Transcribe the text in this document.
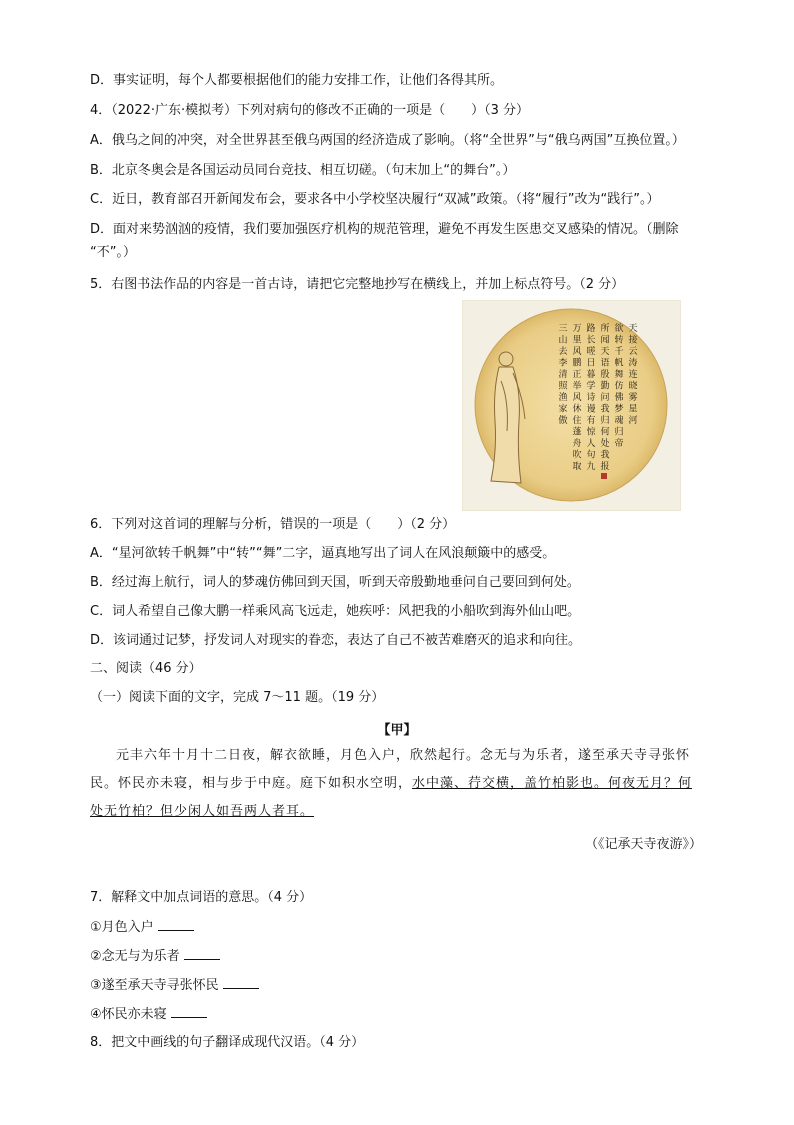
D．事实证明，每个人都要根据他们的能力安排工作，让他们各得其所。
4．（2022·广东·模拟考）下列对病句的修改不正确的一项是（　　）（3 分）
A．俄乌之间的冲突，对全世界甚至俄乌两国的经济造成了影响。（将“全世界”与“俄乌两国”互换位置。）
B．北京冬奥会是各国运动员同台竞技、相互切磋。（句末加上“的舞台”。）
C．近日，教育部召开新闻发布会，要求各中小学校坚决履行“双减”政策。（将“履行”改为“践行”。）
D．面对来势汹汹的疫情，我们要加强医疗机构的规范管理，避免不再发生医患交叉感染的情况。（删除
“不”。）
5．右图书法作品的内容是一首古诗，请把它完整地抄写在横线上，并加上标点符号。（2 分）
天
接
云
涛
连
晓
雾
星
河
欲
转
千
帆
舞
仿
佛
梦
魂
归
帝
所
闻
天
语
殷
勤
问
我
归
何
处
我
报
路
长
嗟
日
暮
学
诗
谩
有
惊
人
句
九
万
里
风
鹏
正
举
风
休
住
蓬
舟
吹
取
三
山
去
李
清
照
渔
家
傲
6．下列对这首词的理解与分析，错误的一项是（　　）（2 分）
A．“星河欲转千帆舞”中“转”“舞”二字，逼真地写出了词人在风浪颠簸中的感受。
B．经过海上航行，词人的梦魂仿佛回到天国，听到天帝殷勤地垂问自己要回到何处。
C．词人希望自己像大鹏一样乘风高飞远走，她疾呼：风把我的小船吹到海外仙山吧。
D．该词通过记梦，抒发词人对现实的眷恋，表达了自己不被苦难磨灭的追求和向往。
二、阅读（46 分）
（一）阅读下面的文字，完成 7～11 题。（19 分）
【甲】
元丰六年十月十二日夜，解衣欲睡，月色入户，欣然起行。念无与为乐者，遂至承天寺寻张怀民。怀民亦未寝，相与步于中庭。庭下如积水空明，水中藻、荇交横，盖竹柏影也。何夜无月？何处无竹柏？但少闲人如吾两人者耳。
（《记承天寺夜游》）
7．解释文中加点词语的意思。（4 分）
①月色入户
②念无与为乐者
③遂至承天寺寻张怀民
④怀民亦未寝
8．把文中画线的句子翻译成现代汉语。（4 分）
